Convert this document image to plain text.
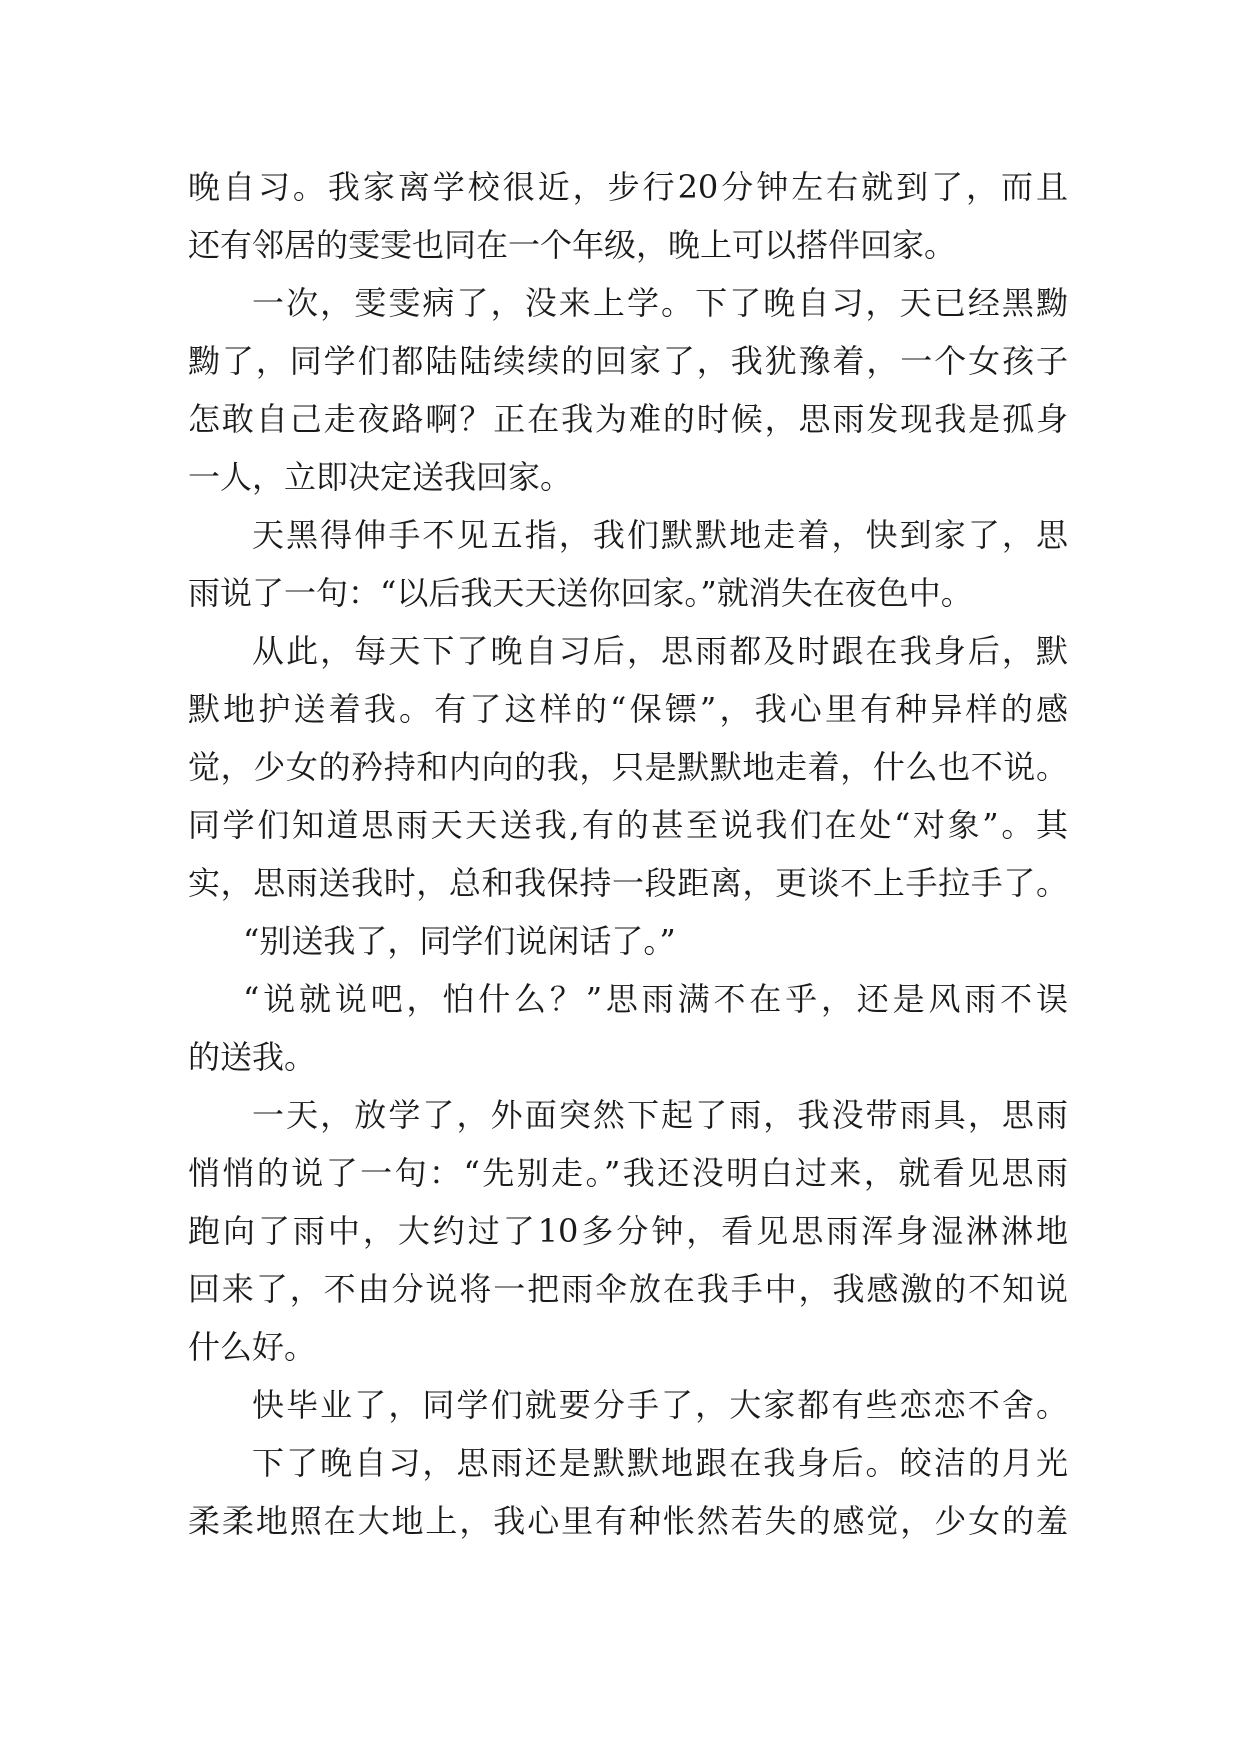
晚自习。我家离学校很近，步行20分钟左右就到了，而且
还有邻居的雯雯也同在一个年级，晚上可以搭伴回家。
一次，雯雯病了，没来上学。下了晚自习，天已经黑黝
黝了，同学们都陆陆续续的回家了，我犹豫着，一个女孩子
怎敢自己走夜路啊？正在我为难的时候，思雨发现我是孤身
一人，立即决定送我回家。
天黑得伸手不见五指，我们默默地走着，快到家了，思
雨说了一句：“以后我天天送你回家。”就消失在夜色中。
从此，每天下了晚自习后，思雨都及时跟在我身后，默
默地护送着我。有了这样的“保镖”，我心里有种异样的感
觉，少女的矜持和内向的我，只是默默地走着，什么也不说。
同学们知道思雨天天送我,有的甚至说我们在处“对象”。其
实，思雨送我时，总和我保持一段距离，更谈不上手拉手了。
“别送我了，同学们说闲话了。”
“说就说吧，怕什么？”思雨满不在乎，还是风雨不误
的送我。
一天，放学了，外面突然下起了雨，我没带雨具，思雨
悄悄的说了一句：“先别走。”我还没明白过来，就看见思雨
跑向了雨中，大约过了10多分钟，看见思雨浑身湿淋淋地
回来了，不由分说将一把雨伞放在我手中，我感激的不知说
什么好。
快毕业了，同学们就要分手了，大家都有些恋恋不舍。
下了晚自习，思雨还是默默地跟在我身后。皎洁的月光
柔柔地照在大地上，我心里有种怅然若失的感觉，少女的羞
